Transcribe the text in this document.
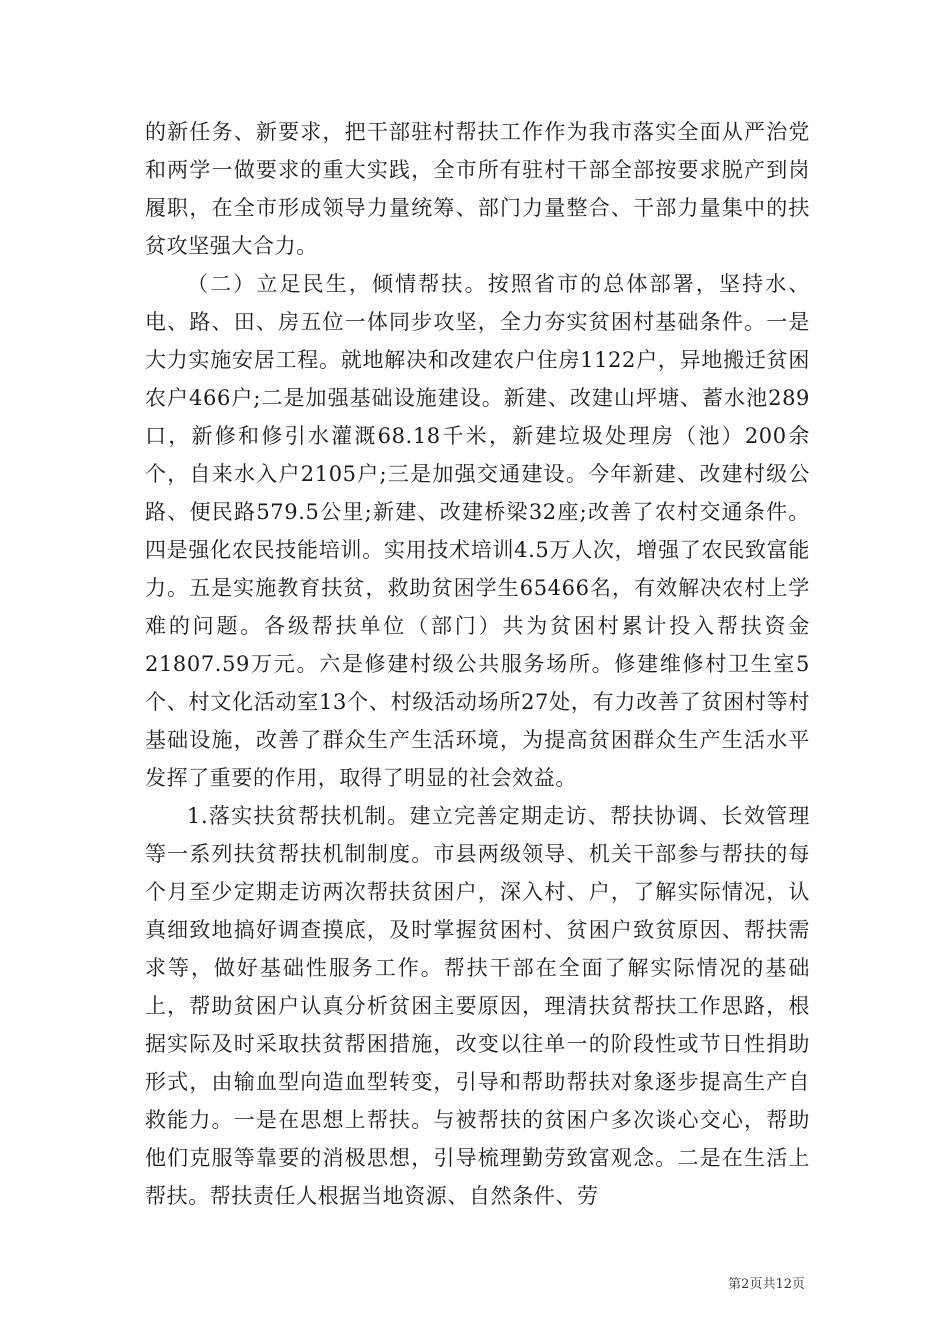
的新任务、新要求，把干部驻村帮扶工作作为我市落实全面从严治党和两学一做要求的重大实践，全市所有驻村干部全部按要求脱产到岗履职，在全市形成领导力量统筹、部门力量整合、干部力量集中的扶贫攻坚强大合力。

（二）立足民生，倾情帮扶。按照省市的总体部署，坚持水、电、路、田、房五位一体同步攻坚，全力夯实贫困村基础条件。一是大力实施安居工程。就地解决和改建农户住房1122户，异地搬迁贫困农户466户;二是加强基础设施建设。新建、改建山坪塘、蓄水池289口，新修和修引水灌溉68.18千米，新建垃圾处理房（池）200余个，自来水入户2105户;三是加强交通建设。今年新建、改建村级公路、便民路579.5公里;新建、改建桥梁32座;改善了农村交通条件。四是强化农民技能培训。实用技术培训4.5万人次，增强了农民致富能力。五是实施教育扶贫，救助贫困学生65466名，有效解决农村上学难的问题。各级帮扶单位（部门）共为贫困村累计投入帮扶资金21807.59万元。六是修建村级公共服务场所。修建维修村卫生室5个、村文化活动室13个、村级活动场所27处，有力改善了贫困村等村基础设施，改善了群众生产生活环境，为提高贫困群众生产生活水平发挥了重要的作用，取得了明显的社会效益。

1.落实扶贫帮扶机制。建立完善定期走访、帮扶协调、长效管理等一系列扶贫帮扶机制制度。市县两级领导、机关干部参与帮扶的每个月至少定期走访两次帮扶贫困户，深入村、户，了解实际情况，认真细致地搞好调查摸底，及时掌握贫困村、贫困户致贫原因、帮扶需求等，做好基础性服务工作。帮扶干部在全面了解实际情况的基础上，帮助贫困户认真分析贫困主要原因，理清扶贫帮扶工作思路，根据实际及时采取扶贫帮困措施，改变以往单一的阶段性或节日性捐助形式，由输血型向造血型转变，引导和帮助帮扶对象逐步提高生产自救能力。一是在思想上帮扶。与被帮扶的贫困户多次谈心交心，帮助他们克服等靠要的消极思想，引导梳理勤劳致富观念。二是在生活上帮扶。帮扶责任人根据当地资源、自然条件、劳

第2页共12页
